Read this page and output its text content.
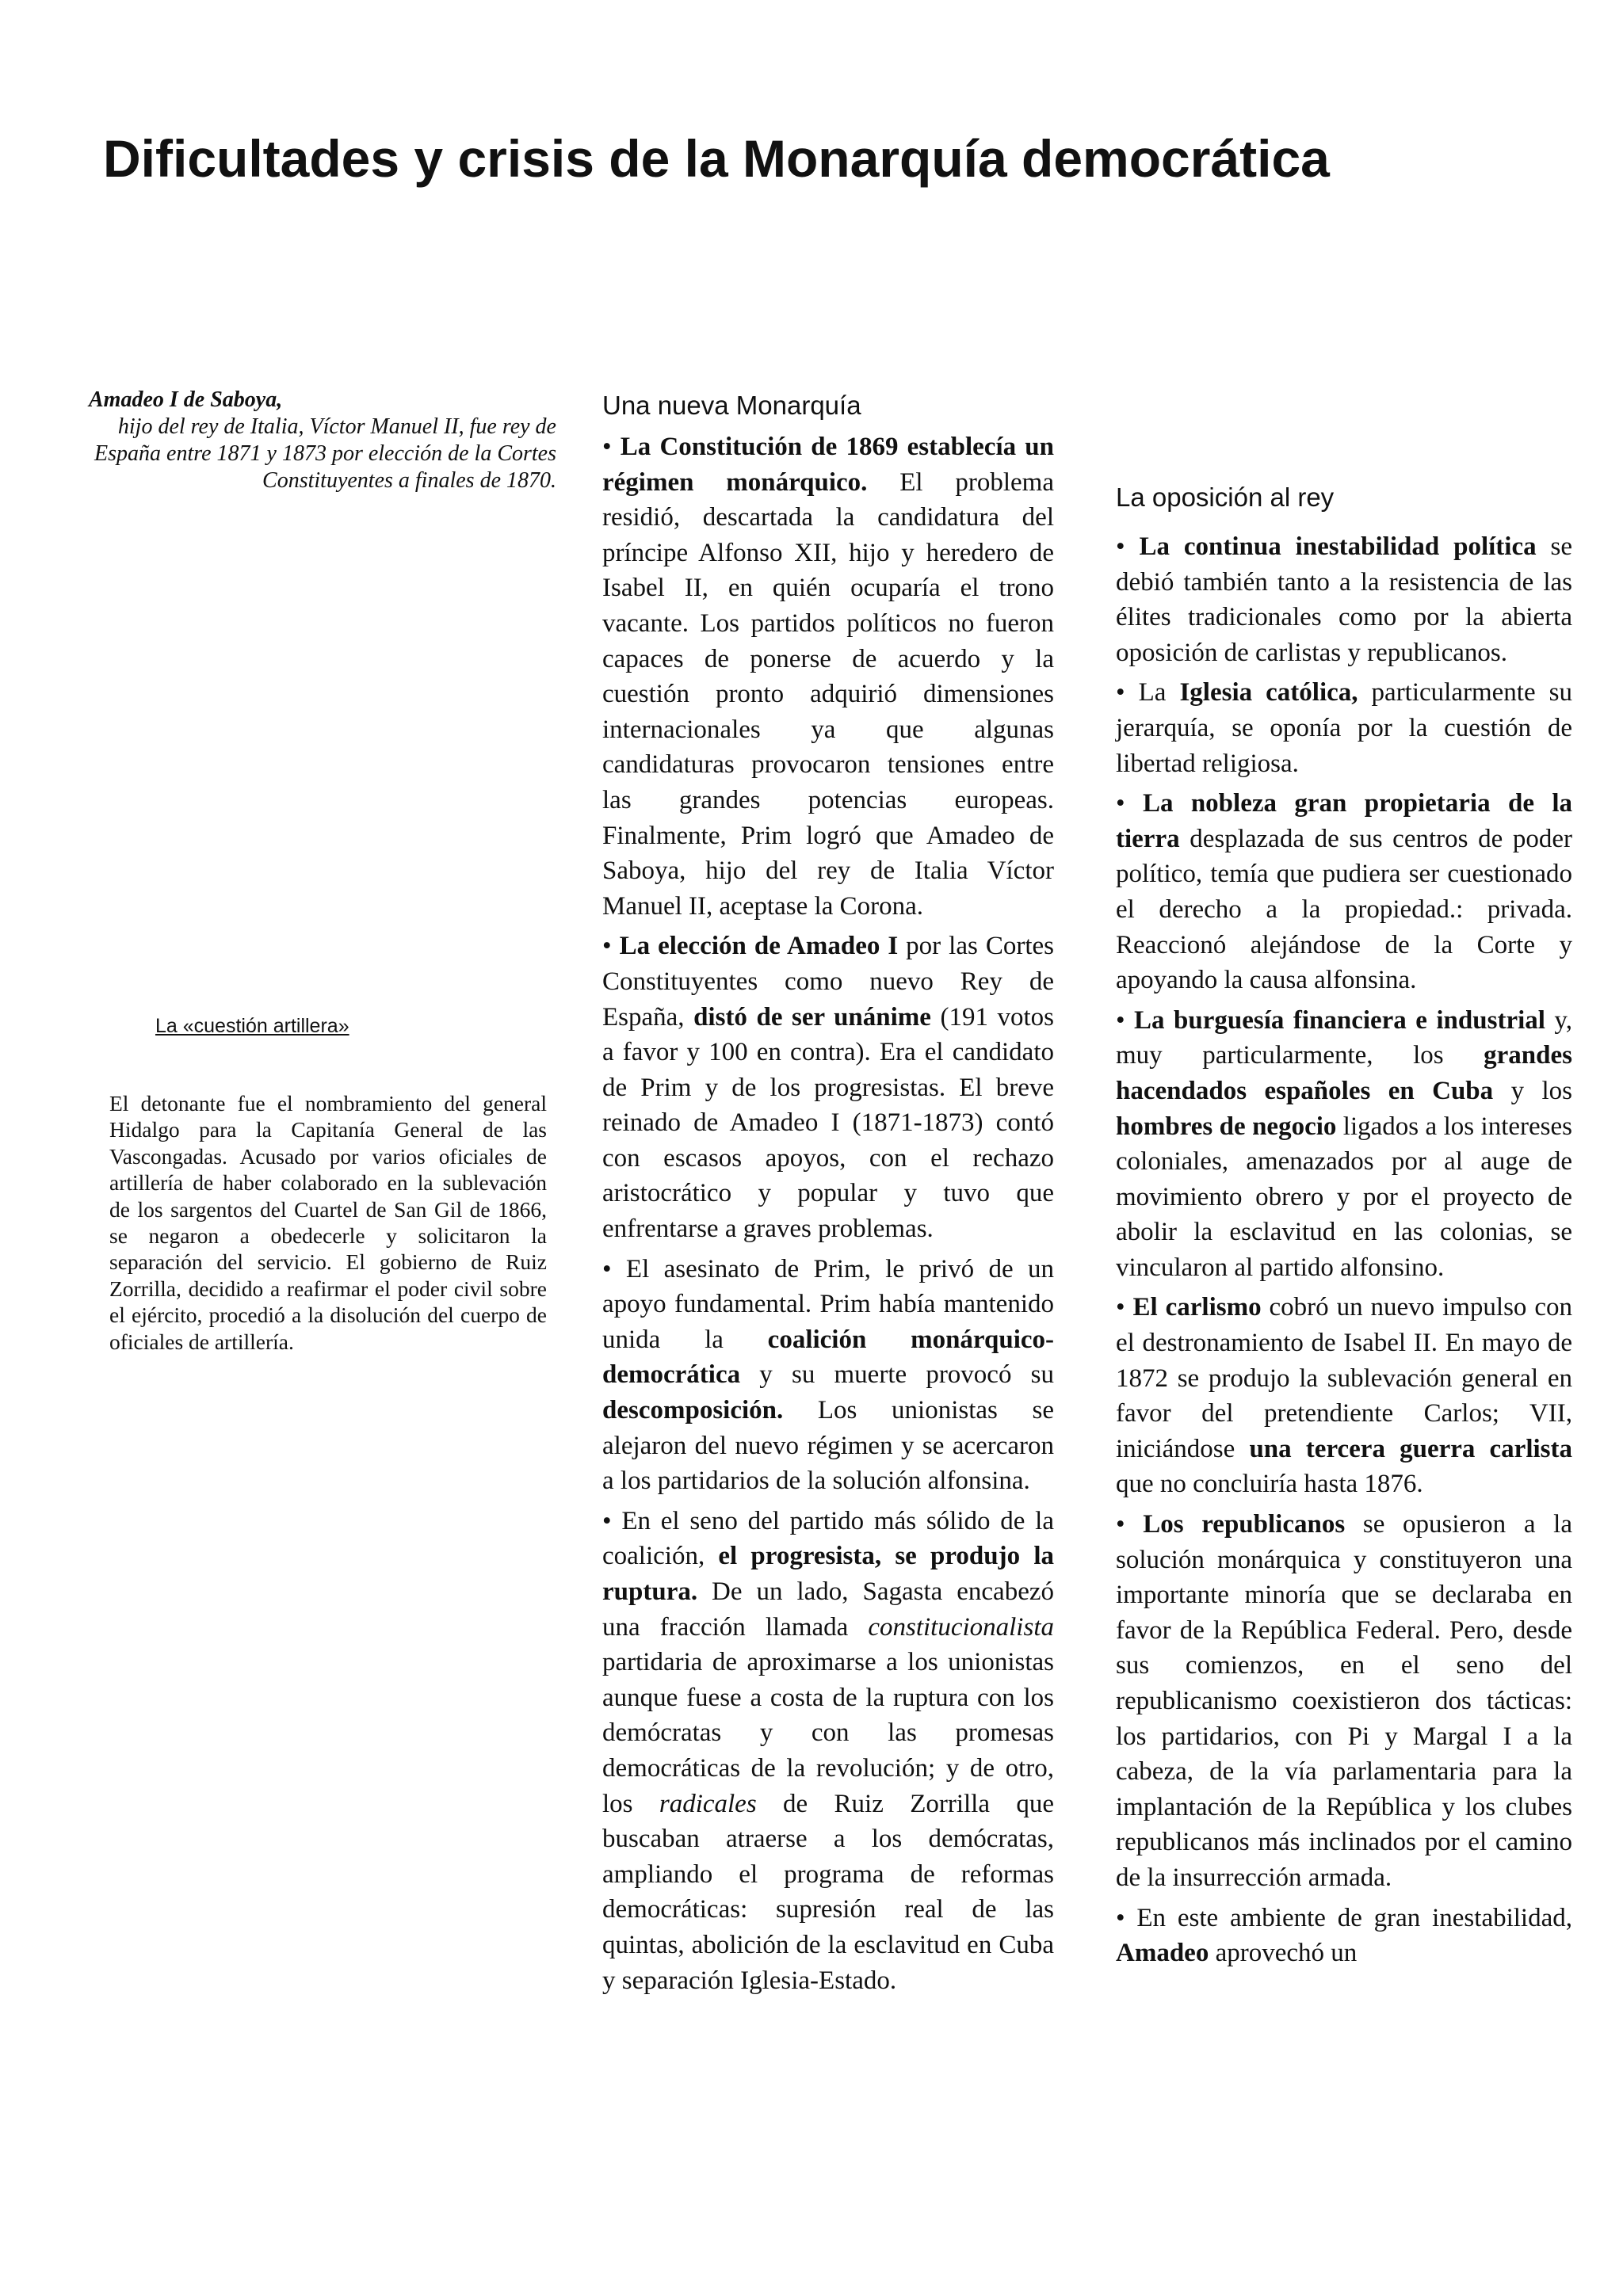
Dificultades y crisis de la Monarquía democrática
Amadeo I de Saboya,
hijo del rey de Italia, Víctor Manuel II, fue rey de España entre 1871 y 1873 por elección de la Cortes Constituyentes a finales de 1870.
La «cuestión artillera»

El detonante fue el nombramiento del general Hidalgo para la Capitanía General de las Vascongadas. Acusado por varios oficiales de artillería de haber colaborado en la sublevación de los sargentos del Cuartel de San Gil de 1866, se negaron a obedecerle y solicitaron la separación del servicio. El gobierno de Ruiz Zorrilla, decidido a reafirmar el poder civil sobre el ejército, procedió a la disolución del cuerpo de oficiales de artillería.

Una nueva Monarquía

• La Constitución de 1869 establecía un régimen monárquico. El problema residió, descartada la candidatura del príncipe Alfonso XII, hijo y heredero de Isabel II, en quién ocuparía el trono vacante. Los partidos políticos no fueron capaces de ponerse de acuerdo y la cuestión pronto adquirió dimensiones internacionales ya que algunas candidaturas provocaron tensiones entre las grandes potencias europeas. Finalmente, Prim logró que Amadeo de Saboya, hijo del rey de Italia Víctor Manuel II, aceptase la Corona.

• La elección de Amadeo I por las Cortes Constituyentes como nuevo Rey de España, distó de ser unánime (191 votos a favor y 100 en contra). Era el candidato de Prim y de los progresistas. El breve reinado de Amadeo I (1871-1873) contó con escasos apoyos, con el rechazo aristocrático y popular y tuvo que enfrentarse a graves problemas.

• El asesinato de Prim, le privó de un apoyo fundamental. Prim había mantenido unida la coalición monárquico-democrática y su muerte provocó su descomposición. Los unionistas se alejaron del nuevo régimen y se acercaron a los partidarios de la solución alfonsina.

• En el seno del partido más sólido de la coalición, el progresista, se produjo la ruptura. De un lado, Sagasta encabezó una fracción llamada constitucionalista partidaria de aproximarse a los unionistas aunque fuese a costa de la ruptura con los demócratas y con las promesas democráticas de la revolución; y de otro, los radicales de Ruiz Zorrilla que buscaban atraerse a los demócratas, ampliando el programa de reformas democráticas: supresión real de las quintas, abolición de la esclavitud en Cuba y separación Iglesia-Estado.

La oposición al rey

• La continua inestabilidad política se debió también tanto a la resistencia de las élites tradicionales como por la abierta oposición de carlistas y republicanos.

• La Iglesia católica, particularmente su jerarquía, se oponía por la cuestión de libertad religiosa.

• La nobleza gran propietaria de la tierra desplazada de sus centros de poder político, temía que pudiera ser cuestionado el derecho a la propiedad.: privada. Reaccionó alejándose de la Corte y apoyando la causa alfonsina.

• La burguesía financiera e industrial y, muy particularmente, los grandes hacendados españoles en Cuba y los hombres de negocio ligados a los intereses coloniales, amenazados por al auge de movimiento obrero y por el proyecto de abolir la esclavitud en las colonias, se vincularon al partido alfonsino.

• El carlismo cobró un nuevo impulso con el destronamiento de Isabel II. En mayo de 1872 se produjo la sublevación general en favor del pretendiente Carlos; VII, iniciándose una tercera guerra carlista que no concluiría hasta 1876.

• Los republicanos se opusieron a la solución monárquica y constituyeron una importante minoría que se declaraba en favor de la República Federal. Pero, desde sus comienzos, en el seno del republicanismo coexistieron dos tácticas: los partidarios, con Pi y Margal I a la cabeza, de la vía parlamentaria para la implantación de la República y los clubes republicanos más inclinados por el camino de la insurrección armada.

• En este ambiente de gran inestabilidad, Amadeo aprovechó un
